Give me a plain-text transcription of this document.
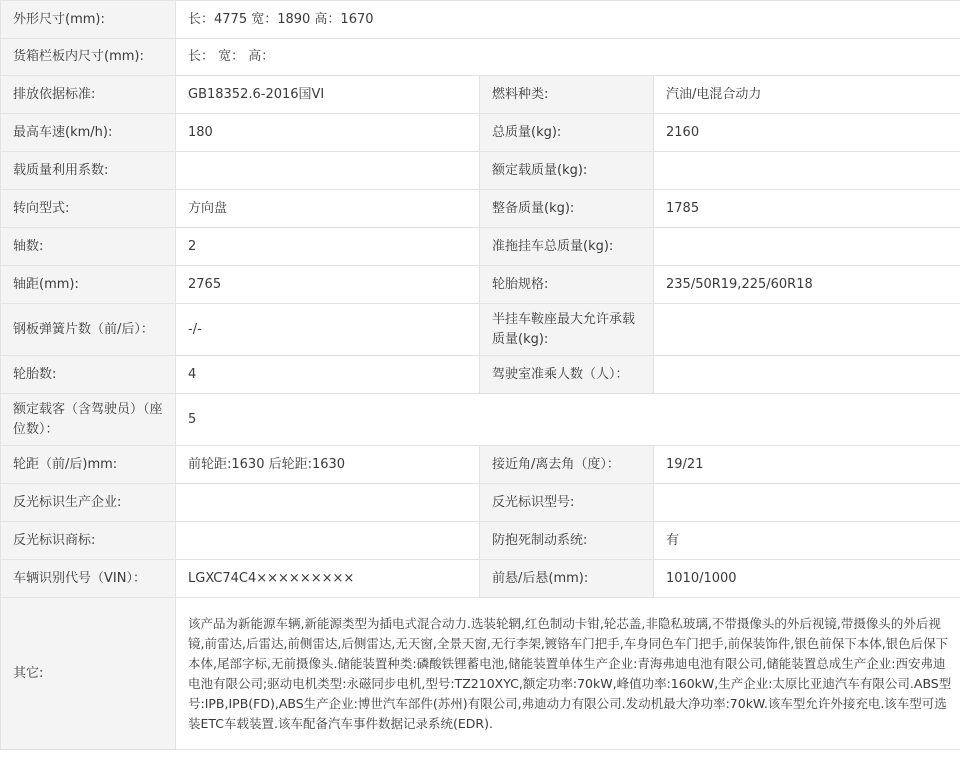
外形尺寸(mm):	长：4775 宽：1890 高：1670		
货箱栏板内尺寸(mm):	长： 宽： 高：		
排放依据标准:	GB18352.6-2016国VI	燃料种类:	汽油/电混合动力
最高车速(km/h):	180	总质量(kg):	2160
载质量利用系数:		额定载质量(kg):	
转向型式:	方向盘	整备质量(kg):	1785
轴数:	2	准拖挂车总质量(kg):	
轴距(mm):	2765	轮胎规格:	235/50R19,225/60R18
钢板弹簧片数（前/后）：	-/-	半挂车鞍座最大允许承载质量(kg):	
轮胎数:	4	驾驶室准乘人数（人）：	
额定载客（含驾驶员）（座位数）：	5		
轮距（前/后)mm:	前轮距:1630 后轮距:1630	接近角/离去角（度）：	19/21
反光标识生产企业:		反光标识型号:	
反光标识商标:		防抱死制动系统:	有
车辆识别代号（VIN）：	LGXC74C4×××××××××	前悬/后悬(mm):	1010/1000
其它:	该产品为新能源车辆,新能源类型为插电式混合动力.选装轮辋,红色制动卡钳,轮芯盖,非隐私玻璃,不带摄像头的外后视镜,带摄像头的外后视镜,前雷达,后雷达,前侧雷达,后侧雷达,无天窗,全景天窗,无行李架,镀铬车门把手,车身同色车门把手,前保装饰件,银色前保下本体,银色后保下本体,尾部字标,无前摄像头.储能装置种类:磷酸铁锂蓄电池,储能装置单体生产企业:青海弗迪电池有限公司,储能装置总成生产企业:西安弗迪电池有限公司;驱动电机类型:永磁同步电机,型号:TZ210XYC,额定功率:70kW,峰值功率:160kW,生产企业:太原比亚迪汽车有限公司.ABS型号:IPB,IPB(FD),ABS生产企业:博世汽车部件(苏州)有限公司,弗迪动力有限公司.发动机最大净功率:70kW.该车型允许外接充电.该车型可选装ETC车载装置.该车配备汽车事件数据记录系统(EDR).		
